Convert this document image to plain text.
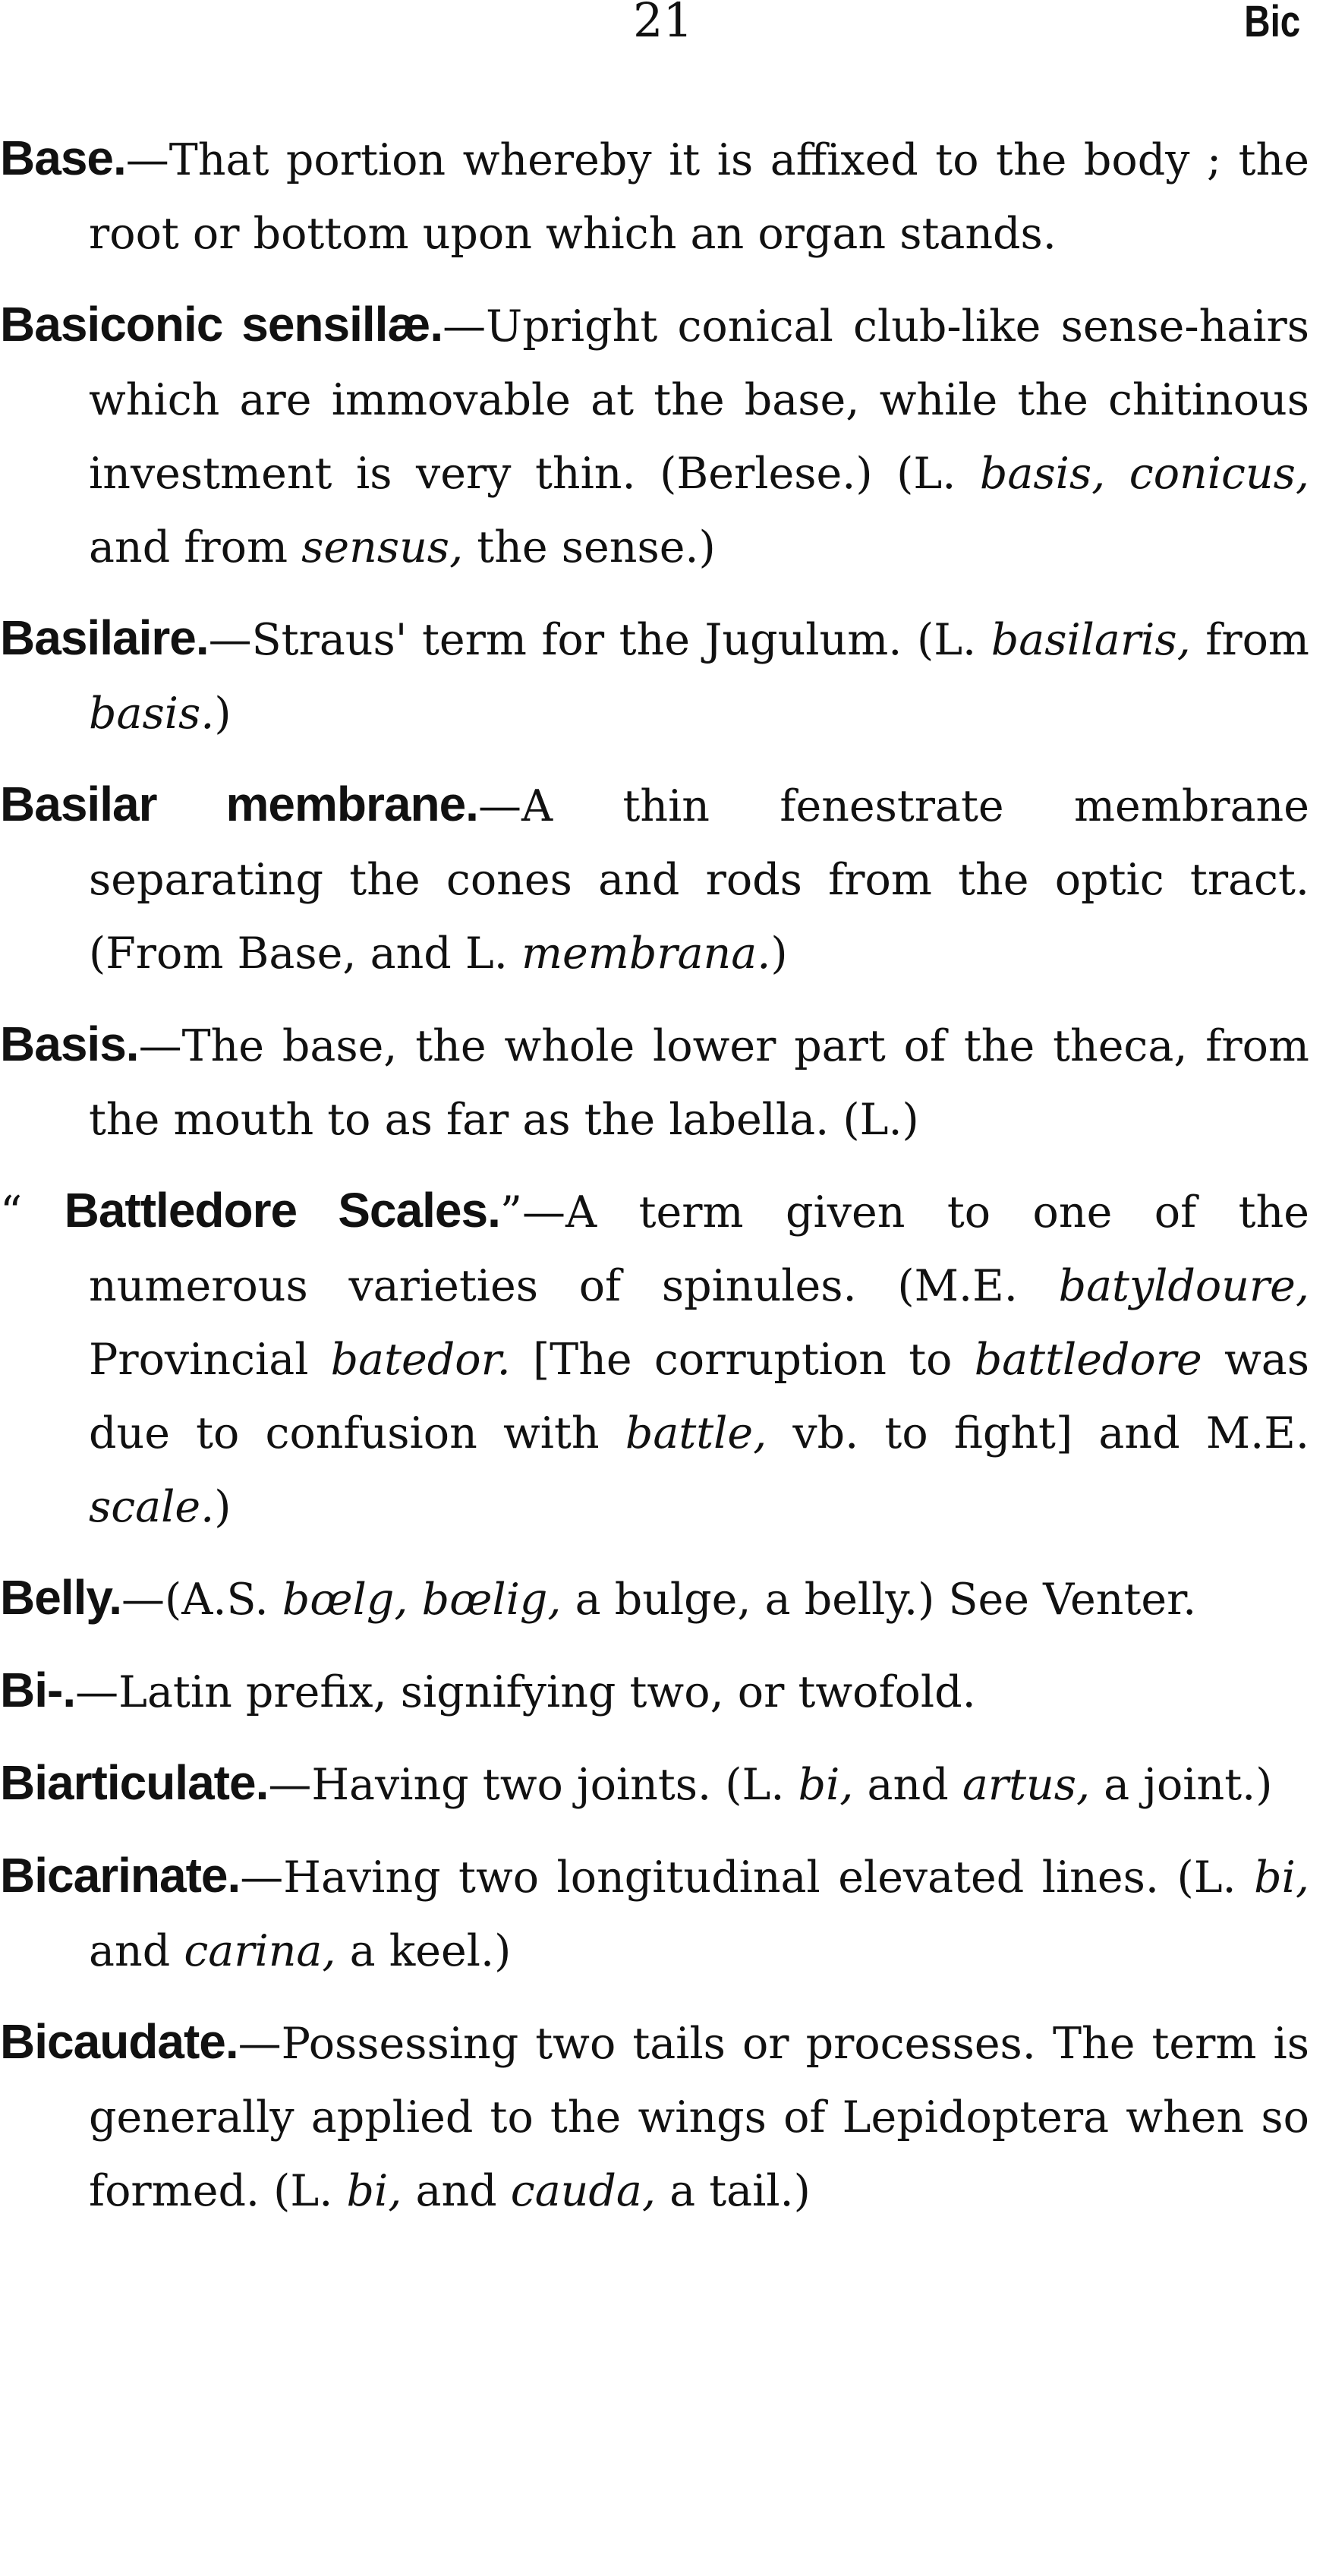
21	Bic

Base.—That portion whereby it is affixed to the body ; the root or bottom upon which an organ stands.

Basiconic sensillæ.—Upright conical club-like sense-hairs which are immovable at the base, while the chitinous investment is very thin. (Berlese.) (L. basis, conicus, and from sensus, the sense.)

Basilaire.—Straus' term for the Jugulum. (L. basilaris, from basis.)

Basilar membrane.—A thin fenestrate membrane separating the cones and rods from the optic tract. (From Base, and L. membrana.)

Basis.—The base, the whole lower part of the theca, from the mouth to as far as the labella. (L.)

“ Battledore Scales.”—A term given to one of the numerous varieties of spinules. (M.E. batyldoure, Provincial batedor. [The corruption to battledore was due to confusion with battle, vb. to fight] and M.E. scale.)

Belly.—(A.S. bœlg, bœlig, a bulge, a belly.) See Venter.

Bi-.—Latin prefix, signifying two, or twofold.

Biarticulate.—Having two joints. (L. bi, and artus, a joint.)

Bicarinate.—Having two longitudinal elevated lines. (L. bi, and carina, a keel.)

Bicaudate.—Possessing two tails or processes. The term is generally applied to the wings of Lepidoptera when so formed. (L. bi, and cauda, a tail.)
